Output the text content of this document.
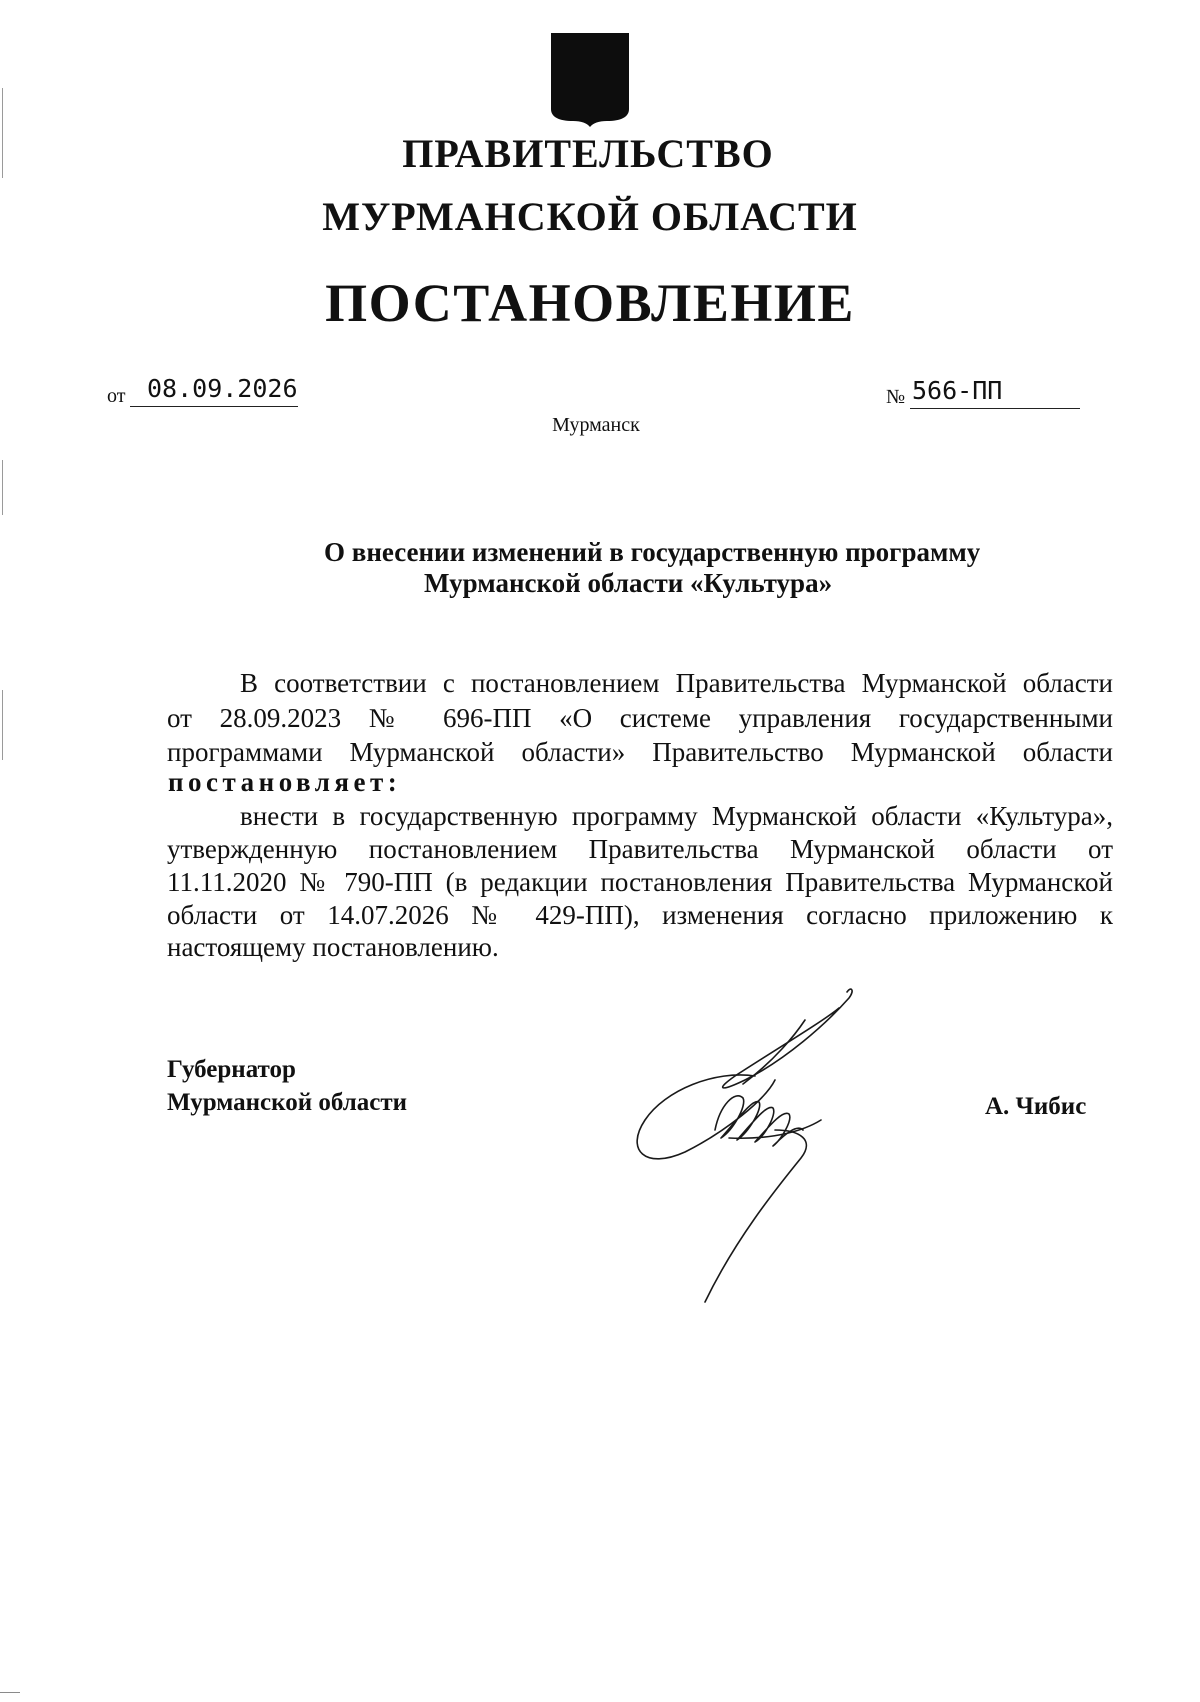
ПРАВИТЕЛЬСТВО
МУРМАНСКОЙ ОБЛАСТИ
ПОСТАНОВЛЕНИЕ
от 08.09.2026	№ 566-ПП
Мурманск
О внесении изменений в государственную программу
Мурманской области «Культура»
В соответствии с постановлением Правительства Мурманской области
от 28.09.2023 № 696-ПП «О системе управления государственными
программами Мурманской области» Правительство Мурманской области
постановляет:
внести в государственную программу Мурманской области «Культура»,
утвержденную постановлением Правительства Мурманской области от
11.11.2020 № 790-ПП (в редакции постановления Правительства Мурманской
области от 14.07.2026 № 429-ПП), изменения согласно приложению к
настоящему постановлению.
Губернатор
Мурманской области	А. Чибис
